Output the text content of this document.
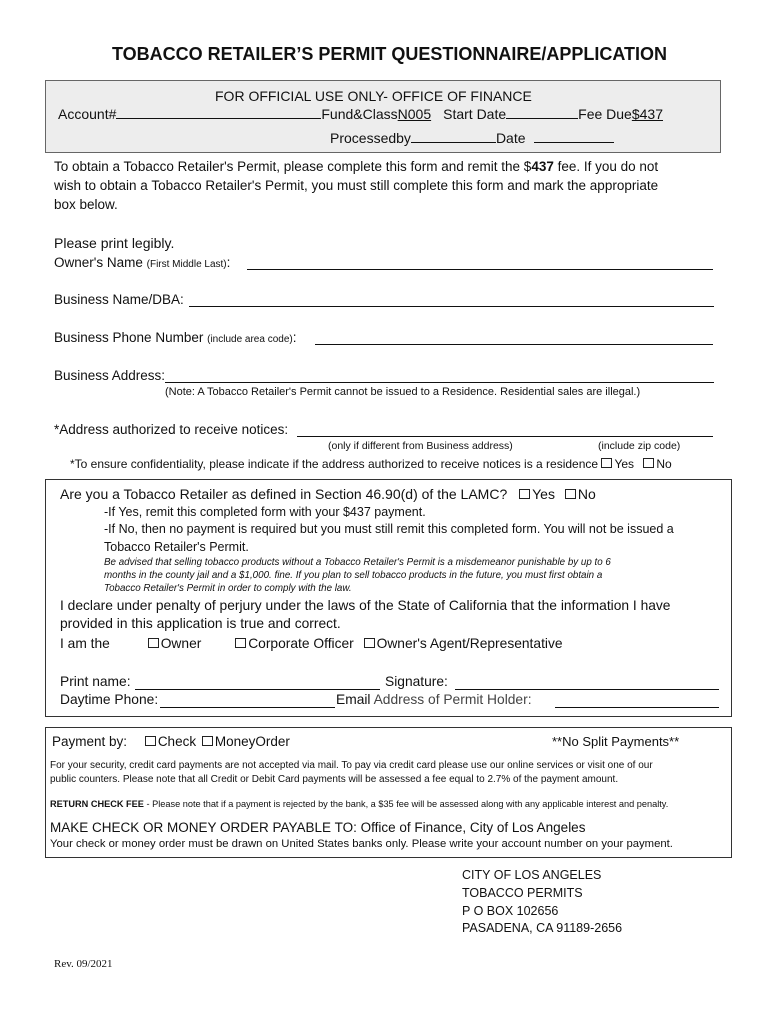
TOBACCO RETAILER’S PERMIT QUESTIONNAIRE/APPLICATION
FOR OFFICIAL USE ONLY- OFFICE OF FINANCE
Account#	Fund&ClassN005 Start Date	Fee Due$437
Processedby	Date
To obtain a Tobacco Retailer's Permit, please complete this form and remit the $437 fee. If you do not
wish to obtain a Tobacco Retailer's Permit, you must still complete this form and mark the appropriate
box below.
Please print legibly.
Owner's Name (First Middle Last):
Business Name/DBA:
Business Phone Number (include area code):
Business Address:
(Note: A Tobacco Retailer's Permit cannot be issued to a Residence. Residential sales are illegal.)
*Address authorized to receive notices:
(only if different from Business address)	(include zip code)
*To ensure confidentiality, please indicate if the address authorized to receive notices is a residence Yes No
Are you a Tobacco Retailer as defined in Section 46.90(d) of the LAMC? Yes No
-If Yes, remit this completed form with your $437 payment.
-If No, then no payment is required but you must still remit this completed form. You will not be issued a
Tobacco Retailer's Permit.
Be advised that selling tobacco products without a Tobacco Retailer's Permit is a misdemeanor punishable by up to 6
months in the county jail and a $1,000. fine. If you plan to sell tobacco products in the future, you must first obtain a
Tobacco Retailer's Permit in order to comply with the law.
I declare under penalty of perjury under the laws of the State of California that the information I have
provided in this application is true and correct.
I am the	Owner	Corporate Officer Owner's Agent/Representative
Print name:	Signature:
Daytime Phone:	Email Address of Permit Holder:
Payment by: Check MoneyOrder	**No Split Payments**
For your security, credit card payments are not accepted via mail. To pay via credit card please use our online services or visit one of our
public counters. Please note that all Credit or Debit Card payments will be assessed a fee equal to 2.7% of the payment amount.
RETURN CHECK FEE - Please note that if a payment is rejected by the bank, a $35 fee will be assessed along with any applicable interest and penalty.
MAKE CHECK OR MONEY ORDER PAYABLE TO: Office of Finance, City of Los Angeles
Your check or money order must be drawn on United States banks only. Please write your account number on your payment.
CITY OF LOS ANGELES
TOBACCO PERMITS
P O BOX 102656
PASADENA, CA 91189-2656
Rev. 09/2021
